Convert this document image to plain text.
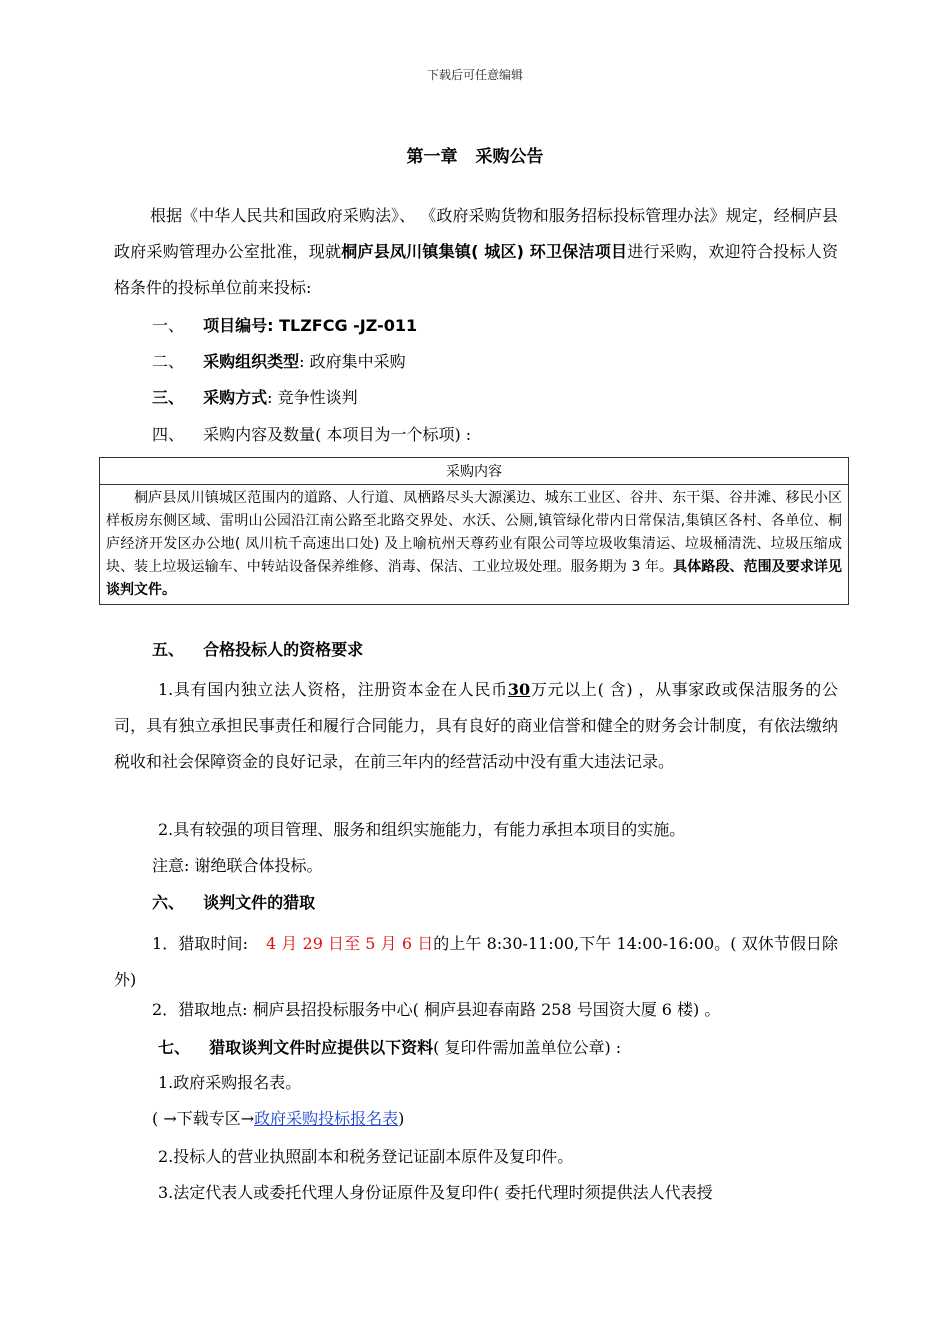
下载后可任意编辑
第一章 采购公告

根据《中华人民共和国政府采购法》、 《政府采购货物和服务招标投标管理办法》规定，经桐庐县政府采购管理办公室批准，现就桐庐县凤川镇集镇( 城区) 环卫保洁项目进行采购，欢迎符合投标人资格条件的投标单位前来投标:

一、 项目编号: TLZFCG -JZ-011
二、 采购组织类型: 政府集中采购
三、 采购方式: 竞争性谈判
四、 采购内容及数量( 本项目为一个标项) :
采购内容
桐庐县凤川镇城区范围内的道路、人行道、凤栖路尽头大源溪边、城东工业区、谷井、东干渠、谷井滩、移民小区样板房东侧区域、雷明山公园沿江南公路至北路交界处、水沃、公厕,镇管绿化带内日常保洁,集镇区各村、各单位、桐庐经济开发区办公地( 凤川杭千高速出口处) 及上喻杭州天尊药业有限公司等垃圾收集清运、垃圾桶清洗、垃圾压缩成块、装上垃圾运输车、中转站设备保养维修、消毒、保洁、工业垃圾处理。服务期为 3 年。具体路段、范围及要求详见谈判文件。
五、 合格投标人的资格要求

1.具有国内独立法人资格，注册资本金在人民币30万元以上( 含) ，从事家政或保洁服务的公司，具有独立承担民事责任和履行合同能力，具有良好的商业信誉和健全的财务会计制度，有依法缴纳税收和社会保障资金的良好记录，在前三年内的经营活动中没有重大违法记录。

2.具有较强的项目管理、服务和组织实施能力，有能力承担本项目的实施。
注意: 谢绝联合体投标。
六、 谈判文件的猎取

1．猎取时间: 4 月 29 日至 5 月 6 日的上午 8:30-11:00,下午 14:00-16:00。( 双休节假日除外)

2．猎取地点: 桐庐县招投标服务中心( 桐庐县迎春南路 258 号国资大厦 6 楼) 。
七、 猎取谈判文件时应提供以下资料( 复印件需加盖单位公章) :
1.政府采购报名表。
( →下载专区→政府采购投标报名表)
2.投标人的营业执照副本和税务登记证副本原件及复印件。
3.法定代表人或委托代理人身份证原件及复印件( 委托代理时须提供法人代表授
